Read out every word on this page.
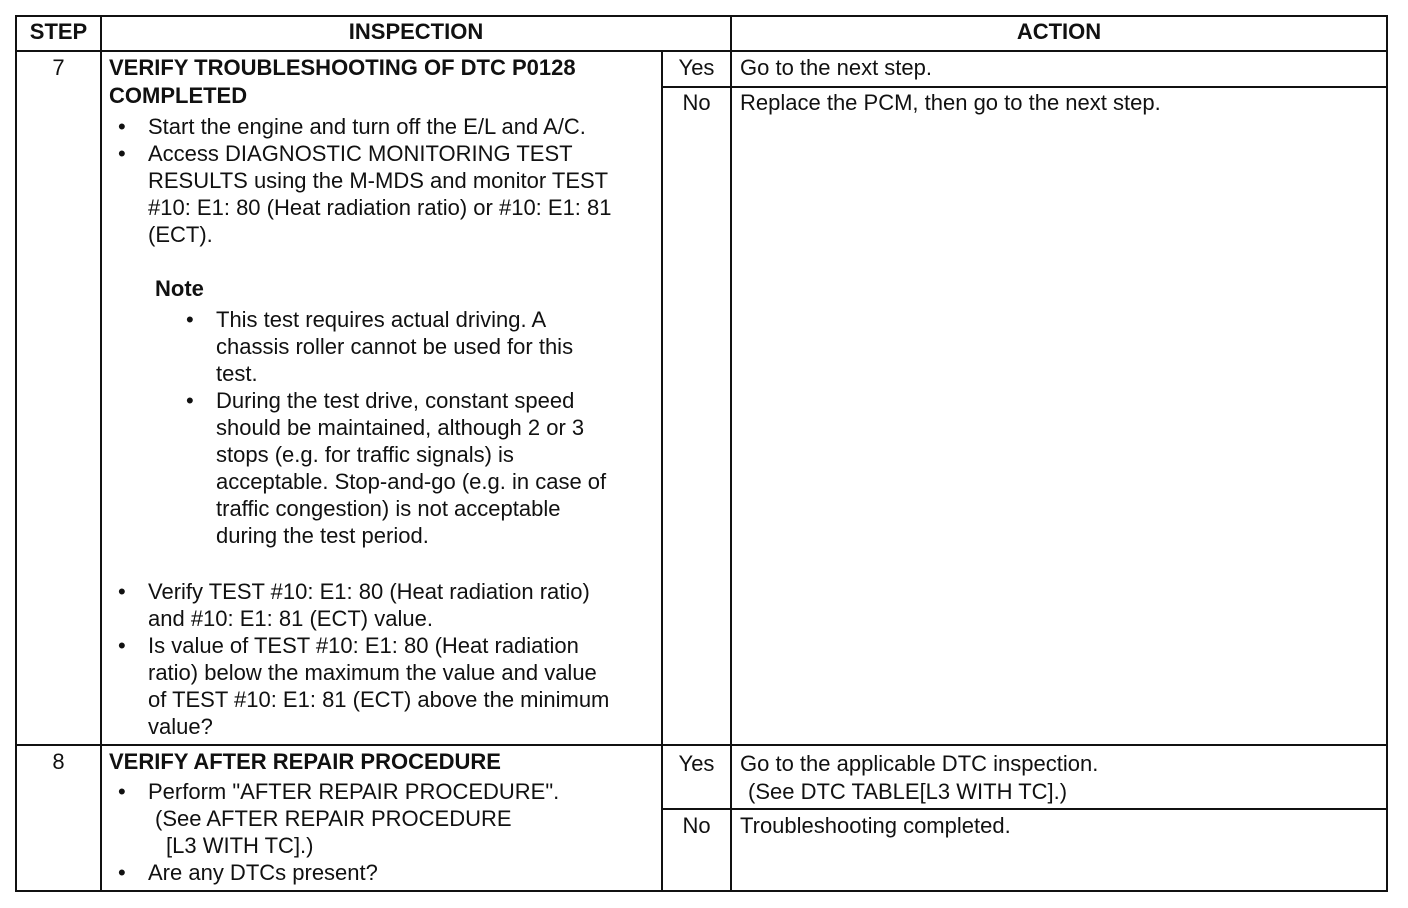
STEP	INSPECTION	ACTION
7	VERIFY TROUBLESHOOTING OF DTC P0128
COMPLETED
• Start the engine and turn off the E/L and A/C.
• Access DIAGNOSTIC MONITORING TEST
RESULTS using the M-MDS and monitor TEST
#10: E1: 80 (Heat radiation ratio) or #10: E1: 81
(ECT).
Note
• This test requires actual driving. A
chassis roller cannot be used for this
test.
• During the test drive, constant speed
should be maintained, although 2 or 3
stops (e.g. for traffic signals) is
acceptable. Stop-and-go (e.g. in case of
traffic congestion) is not acceptable
during the test period.
• Verify TEST #10: E1: 80 (Heat radiation ratio)
and #10: E1: 81 (ECT) value.
• Is value of TEST #10: E1: 80 (Heat radiation
ratio) below the maximum the value and value
of TEST #10: E1: 81 (ECT) above the minimum
value?
Yes	Go to the next step.
No	Replace the PCM, then go to the next step.
8	VERIFY AFTER REPAIR PROCEDURE
• Perform "AFTER REPAIR PROCEDURE".
(See AFTER REPAIR PROCEDURE
[L3 WITH TC].)
• Are any DTCs present?
Yes	Go to the applicable DTC inspection.
(See DTC TABLE[L3 WITH TC].)
No	Troubleshooting completed.
